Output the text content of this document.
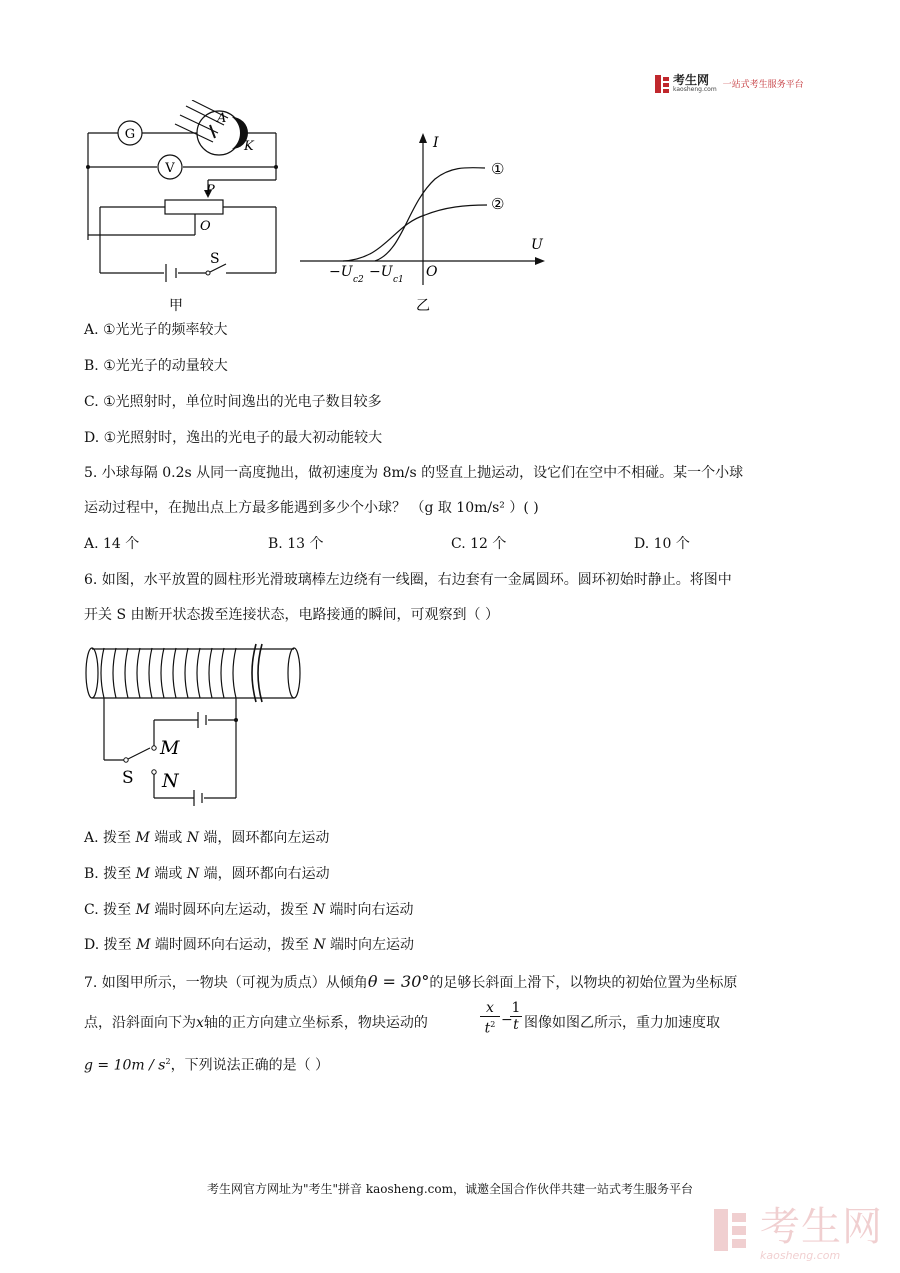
考生网
kaosheng.com 一站式考生服务平台
G
V
A
K
P
O
S
甲
I
U
O
①
②
−U c2 −U c1
乙
A. ①光光子的频率较大
B. ①光光子的动量较大
C. ①光照射时，单位时间逸出的光电子数目较多
D. ①光照射时，逸出的光电子的最大初动能较大
5. 小球每隔 0.2s 从同一高度抛出，做初速度为 8m/s 的竖直上抛运动，设它们在空中不相碰。某一个小球
运动过程中，在抛出点上方最多能遇到多少个小球？ （g 取 10m/s² ）( )
A. 14 个	B. 13 个	C. 12 个	D. 10 个
6. 如图，水平放置的圆柱形光滑玻璃棒左边绕有一线圈，右边套有一金属圆环。圆环初始时静止。将图中
开关 S 由断开状态拨至连接状态，电路接通的瞬间，可观察到（ ）
M
N
S
A. 拨至 M 端或 N 端，圆环都向左运动
B. 拨至 M 端或 N 端，圆环都向右运动
C. 拨至 M 端时圆环向左运动，拨至 N 端时向右运动
D. 拨至 M 端时圆环向右运动，拨至 N 端时向左运动
7. 如图甲所示，一物块（可视为质点）从倾角θ = 30°的足够长斜面上滑下，以物块的初始位置为坐标原
点，沿斜面向下为x轴的正方向建立坐标系，物块运动的
x
$t^2$ −
1
t 图像如图乙所示，重力加速度取
$g = 10m / s^2$，下列说法正确的是（ ）
考生网官方网址为"考生"拼音 kaosheng.com，诚邀全国合作伙伴共建一站式考生服务平台
考生网
kaosheng.com
